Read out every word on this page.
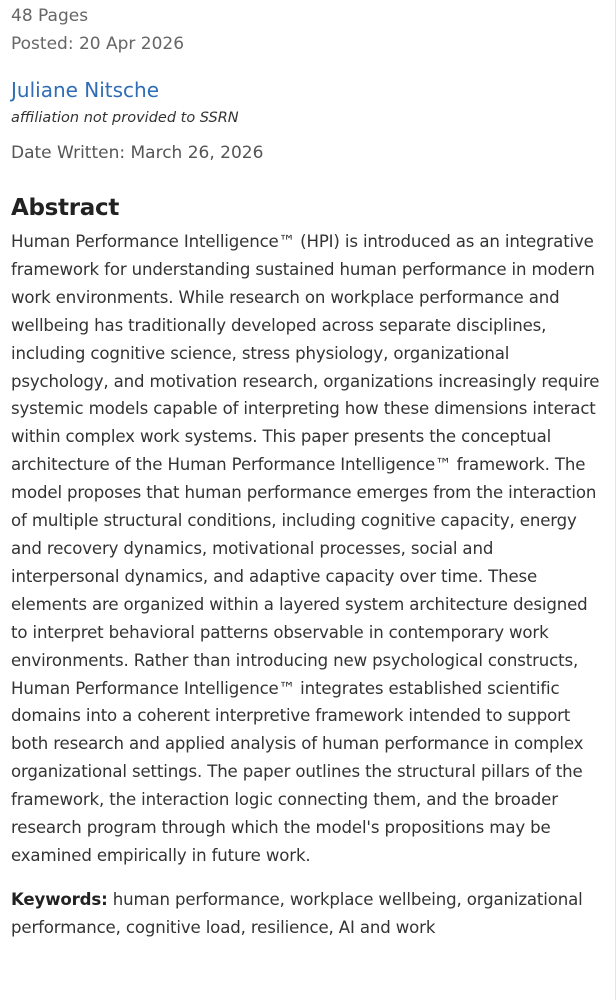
48 Pages

Posted: 20 Apr 2026

Juliane Nitsche
affiliation not provided to SSRN
Date Written: March 26, 2026
Abstract

Human Performance Intelligence™ (HPI) is introduced as an integrative framework for understanding sustained human performance in modern work environments. While research on workplace performance and wellbeing has traditionally developed across separate disciplines, including cognitive science, stress physiology, organizational psychology, and motivation research, organizations increasingly require systemic models capable of interpreting how these dimensions interact within complex work systems. This paper presents the conceptual architecture of the Human Performance Intelligence™ framework. The model proposes that human performance emerges from the interaction of multiple structural conditions, including cognitive capacity, energy and recovery dynamics, motivational processes, social and interpersonal dynamics, and adaptive capacity over time. These elements are organized within a layered system architecture designed to interpret behavioral patterns observable in contemporary work environments. Rather than introducing new psychological constructs, Human Performance Intelligence™ integrates established scientific domains into a coherent interpretive framework intended to support both research and applied analysis of human performance in complex organizational settings. The paper outlines the structural pillars of the framework, the interaction logic connecting them, and the broader research program through which the model's propositions may be examined empirically in future work.

Keywords: human performance, workplace wellbeing, organizational performance, cognitive load, resilience, AI and work
